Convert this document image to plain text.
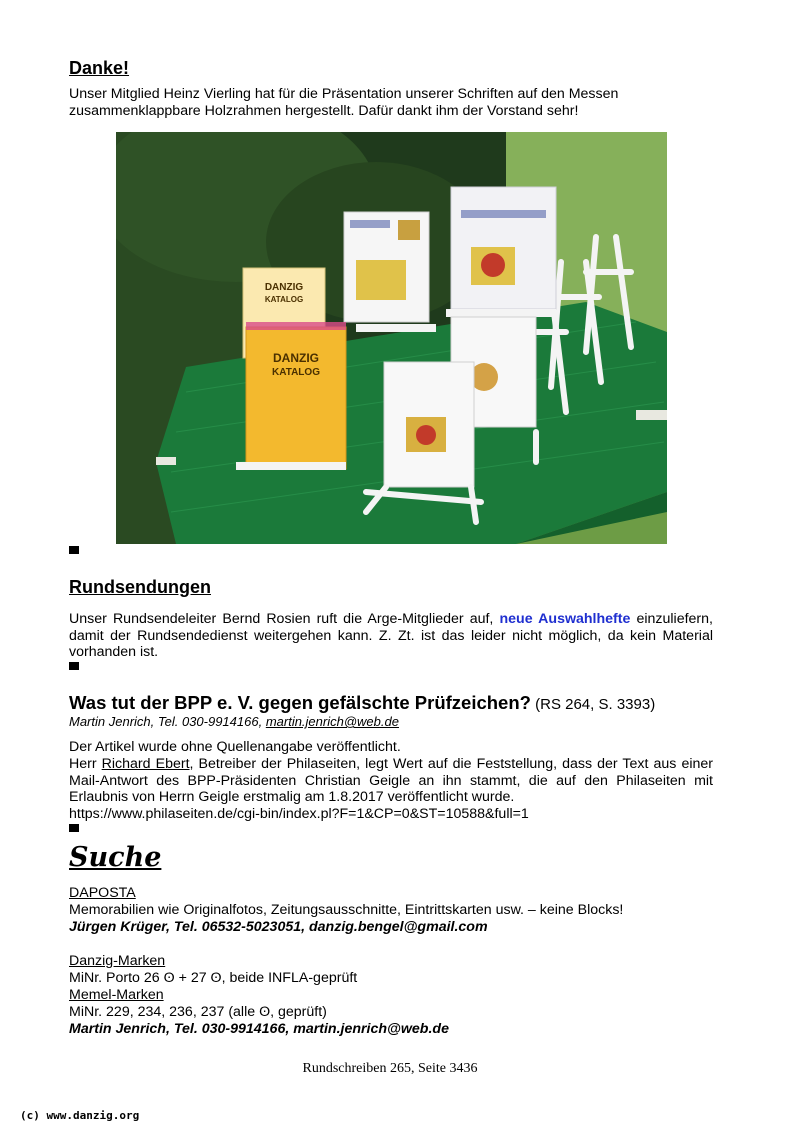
Danke!

Unser Mitglied Heinz Vierling hat für die Präsentation unserer Schriften auf den Messen zusammenklappbare Holzrahmen hergestellt. Dafür dankt ihm der Vorstand sehr!

Rundsendungen

Unser Rundsendeleiter Bernd Rosien ruft die Arge-Mitglieder auf, neue Auswahlhefte einzuliefern, damit der Rundsendedienst weitergehen kann. Z. Zt. ist das leider nicht möglich, da kein Material vorhanden ist.

Was tut der BPP e. V. gegen gefälschte Prüfzeichen? (RS 264, S. 3393)

Martin Jenrich, Tel. 030-9914166, martin.jenrich@web.de

Der Artikel wurde ohne Quellenangabe veröffentlicht.

Herr Richard Ebert, Betreiber der Philaseiten, legt Wert auf die Feststellung, dass der Text aus einer Mail-Antwort des BPP-Präsidenten Christian Geigle an ihn stammt, die auf den Philaseiten mit Erlaubnis von Herrn Geigle erstmalig am 1.8.2017 veröffentlicht wurde.

https://www.philaseiten.de/cgi-bin/index.pl?F=1&CP=0&ST=10588&full=1

DAPOSTA

Memorabilien wie Originalfotos, Zeitungsausschnitte, Eintrittskarten usw. – keine Blocks!

Jürgen Krüger, Tel. 06532-5023051, danzig.bengel@gmail.com

Danzig-Marken

MiNr. Porto 26 ʘ + 27 ʘ, beide INFLA-geprüft

Memel-Marken

MiNr. 229, 234, 236, 237 (alle ʘ, geprüft)

Martin Jenrich, Tel. 030-9914166, martin.jenrich@web.de

DANZIG
KATALOG
DANZIG
KATALOG
Suche
Rundschreiben 265, Seite 3436
(c) www.danzig.org
